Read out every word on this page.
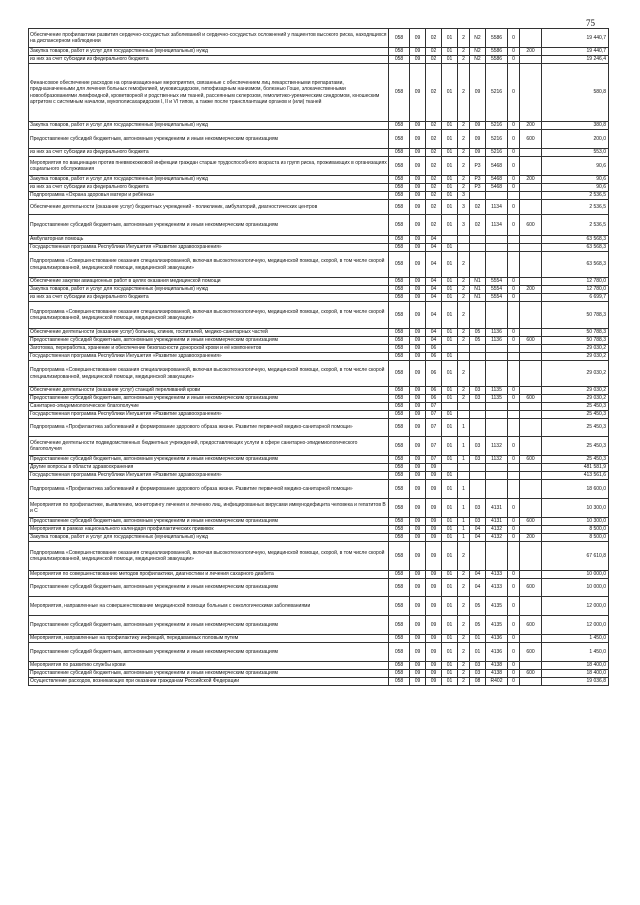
75
Обеспечение профилактики развития сердечно-сосудистых заболеваний и сердечно-сосудистых осложнений у пациентов высокого риска, находящихся на диспансерном наблюдении	058	09	02	01	2	N2	5586	0		19 440,7
Закупка товаров, работ и услуг для государственных (муниципальных) нужд	058	09	02	01	2	N2	5586	0	200	19 440,7
из них за счет субсидии из федерального бюджета	058	09	02	01	2	N2	5586	0		19 246,4
Финансовое обеспечение расходов на организационные мероприятия, связанные с обеспечением лиц лекарственными препаратами, предназначенными для лечения больных гемофилией, муковисцидозом, гипофизарным нанизмом, болезнью Гоше, злокачественными новообразованиями лимфоидной, кроветворной и родственных им тканей, рассеянным склерозом, гемолитико-уремическим синдромом, юношеским артритом с системным началом, мукополисахаридозом I, II и VI типов, а также после трансплантации органов и (или) тканей	058	09	02	01	2	09	5216	0		580,8
Закупка товаров, работ и услуг для государственных (муниципальных) нужд	058	09	02	01	2	09	5216	0	200	380,8
Предоставление субсидий бюджетным, автономным учреждениям и иным некоммерческим организациям	058	09	02	01	2	09	5216	0	600	200,0
из них за счет субсидии из федерального бюджета	058	09	02	01	2	09	5216	0		553,0
Мероприятия по вакцинации против пневмококковой инфекции граждан старше трудоспособного возраста из групп риска, проживающих в организациях социального обслуживания	058	09	02	01	2	P3	5468	0		90,6
Закупка товаров, работ и услуг для государственных (муниципальных) нужд	058	09	02	01	2	P3	5468	0	200	90,6
из них за счет субсидии из федерального бюджета	058	09	02	01	2	P3	5468	0		90,6
Подпрограмма «Охрана здоровья матери и ребёнка»	058	09	02	01	3					2 536,5
Обеспечение деятельности (оказание услуг) бюджетных учреждений - поликлиник, амбулаторий, диагностических центров	058	09	02	01	3	02	1134	0		2 536,5
Предоставление субсидий бюджетным, автономным учреждениям и иным некоммерческим организациям	058	09	02	01	3	02	1134	0	600	2 536,5
Амбулаторная помощь	058	09	04							63 568,3
Государственная программа Республики Ингушетия «Развитие здравоохранения»	058	09	04	01						63 568,3
Подпрограмма «Совершенствование оказания специализированной, включая высокотехнологичную, медицинской помощи, скорой, в том числе скорой специализированной, медицинской помощи, медицинской эвакуации»	058	09	04	01	2					63 568,3
Обеспечение закупки авиационных работ в целях оказания медицинской помощи	058	09	04	01	2	N1	5554	0		12 780,0
Закупка товаров, работ и услуг для государственных (муниципальных) нужд	058	09	04	01	2	N1	5554	0	200	12 780,0
из них за счет субсидии из федерального бюджета	058	09	04	01	2	N1	5554	0		6 699,7
Подпрограмма «Совершенствование оказания специализированной, включая высокотехнологичную, медицинской помощи, скорой, в том числе скорой специализированной, медицинской помощи, медицинской эвакуации»	058	09	04	01	2					50 788,3
Обеспечение деятельности (оказание услуг) больниц, клиник, госпиталей, медико-санитарных частей	058	09	04	01	2	05	1136	0		50 788,3
Предоставление субсидий бюджетным, автономным учреждениям и иным некоммерческим организациям	058	09	04	01	2	05	1136	0	600	50 788,3
Заготовка, переработка, хранение и обеспечение безопасности донорской крови и её компонентов	058	09	06							29 030,2
Государственная программа Республики Ингушетия «Развитие здравоохранения»	058	09	06	01						29 030,2
Подпрограмма «Совершенствование оказания специализированной, включая высокотехнологичную, медицинской помощи, скорой, в том числе скорой специализированной, медицинской помощи, медицинской эвакуации»	058	09	06	01	2					29 030,2
Обеспечение деятельности (оказание услуг) станций переливаний крови	058	09	06	01	2	03	1135	0		29 030,2
Предоставление субсидий бюджетным, автономным учреждениям и иным некоммерческим организациям	058	09	06	01	2	03	1135	0	600	29 030,2
Санитарно-эпидемиологическое благополучие	058	09	07							25 450,3
Государственная программа Республики Ингушетия «Развитие здравоохранения»	058	09	07	01						25 450,3
Подпрограмма «Профилактика заболеваний и формирование здорового образа жизни. Развитие первичной медико-санитарной помощи»	058	09	07	01	1					25 450,3
Обеспечение деятельности подведомственных бюджетных учреждений, предоставляющих услуги в сфере санитарно-эпидемиологического благополучия	058	09	07	01	1	03	1132	0		25 450,3
Предоставление субсидий бюджетным, автономным учреждениям и иным некоммерческим организациям	058	09	07	01	1	03	1132	0	600	25 450,3
Другие вопросы в области здравоохранения	058	09	09							481 581,9
Государственная программа Республики Ингушетия «Развитие здравоохранения»	058	09	09	01						413 561,6
Подпрограмма «Профилактика заболеваний и формирование здорового образа жизни. Развитие первичной медико-санитарной помощи»	058	09	09	01	1					18 600,0
Мероприятия по профилактике, выявлению, мониторингу лечения и лечению лиц, инфицированных вирусами иммунодефицита человека и гепатитов B и C	058	09	09	01	1	03	4131	0		10 300,0
Предоставление субсидий бюджетным, автономным учреждениям и иным некоммерческим организациям	058	09	09	01	1	03	4131	0	600	10 300,0
Мероприятия в рамках национального календаря профилактических прививок	058	09	09	01	1	04	4132	0		8 500,0
Закупка товаров, работ и услуг для государственных (муниципальных) нужд	058	09	09	01	1	04	4132	0	200	8 500,0
Подпрограмма «Совершенствование оказания специализированной, включая высокотехнологичную, медицинской помощи, скорой, в том числе скорой специализированной, медицинской помощи, медицинской эвакуации»	058	09	09	01	2					67 610,8
Мероприятия по совершенствованию методов профилактики, диагностики и лечения сахарного диабета	058	09	09	01	2	04	4133	0		10 000,0
Предоставление субсидий бюджетным, автономным учреждениям и иным некоммерческим организациям	058	09	09	01	2	04	4133	0	600	10 000,0
Мероприятия, направленные на совершенствование медицинской помощи больным с онкологическими заболеваниями	058	09	09	01	2	05	4135	0		12 000,0
Предоставление субсидий бюджетным, автономным учреждениям и иным некоммерческим организациям	058	09	09	01	2	05	4135	0	600	12 000,0
Мероприятия, направленные на профилактику инфекций, передаваемых половым путем	058	09	09	01	2	01	4136	0		1 450,0
Предоставление субсидий бюджетным, автономным учреждениям и иным некоммерческим организациям	058	09	09	01	2	01	4136	0	600	1 450,0
Мероприятия по развитию службы крови	058	09	09	01	2	03	4138	0		18 400,0
Предоставление субсидий бюджетным, автономным учреждениям и иным некоммерческим организациям	058	09	09	01	2	03	4138	0	600	18 400,0
Осуществление расходов, возникающих при оказании гражданам Российской Федерации	058	09	09	01	2	08	R402	0		19 036,8
